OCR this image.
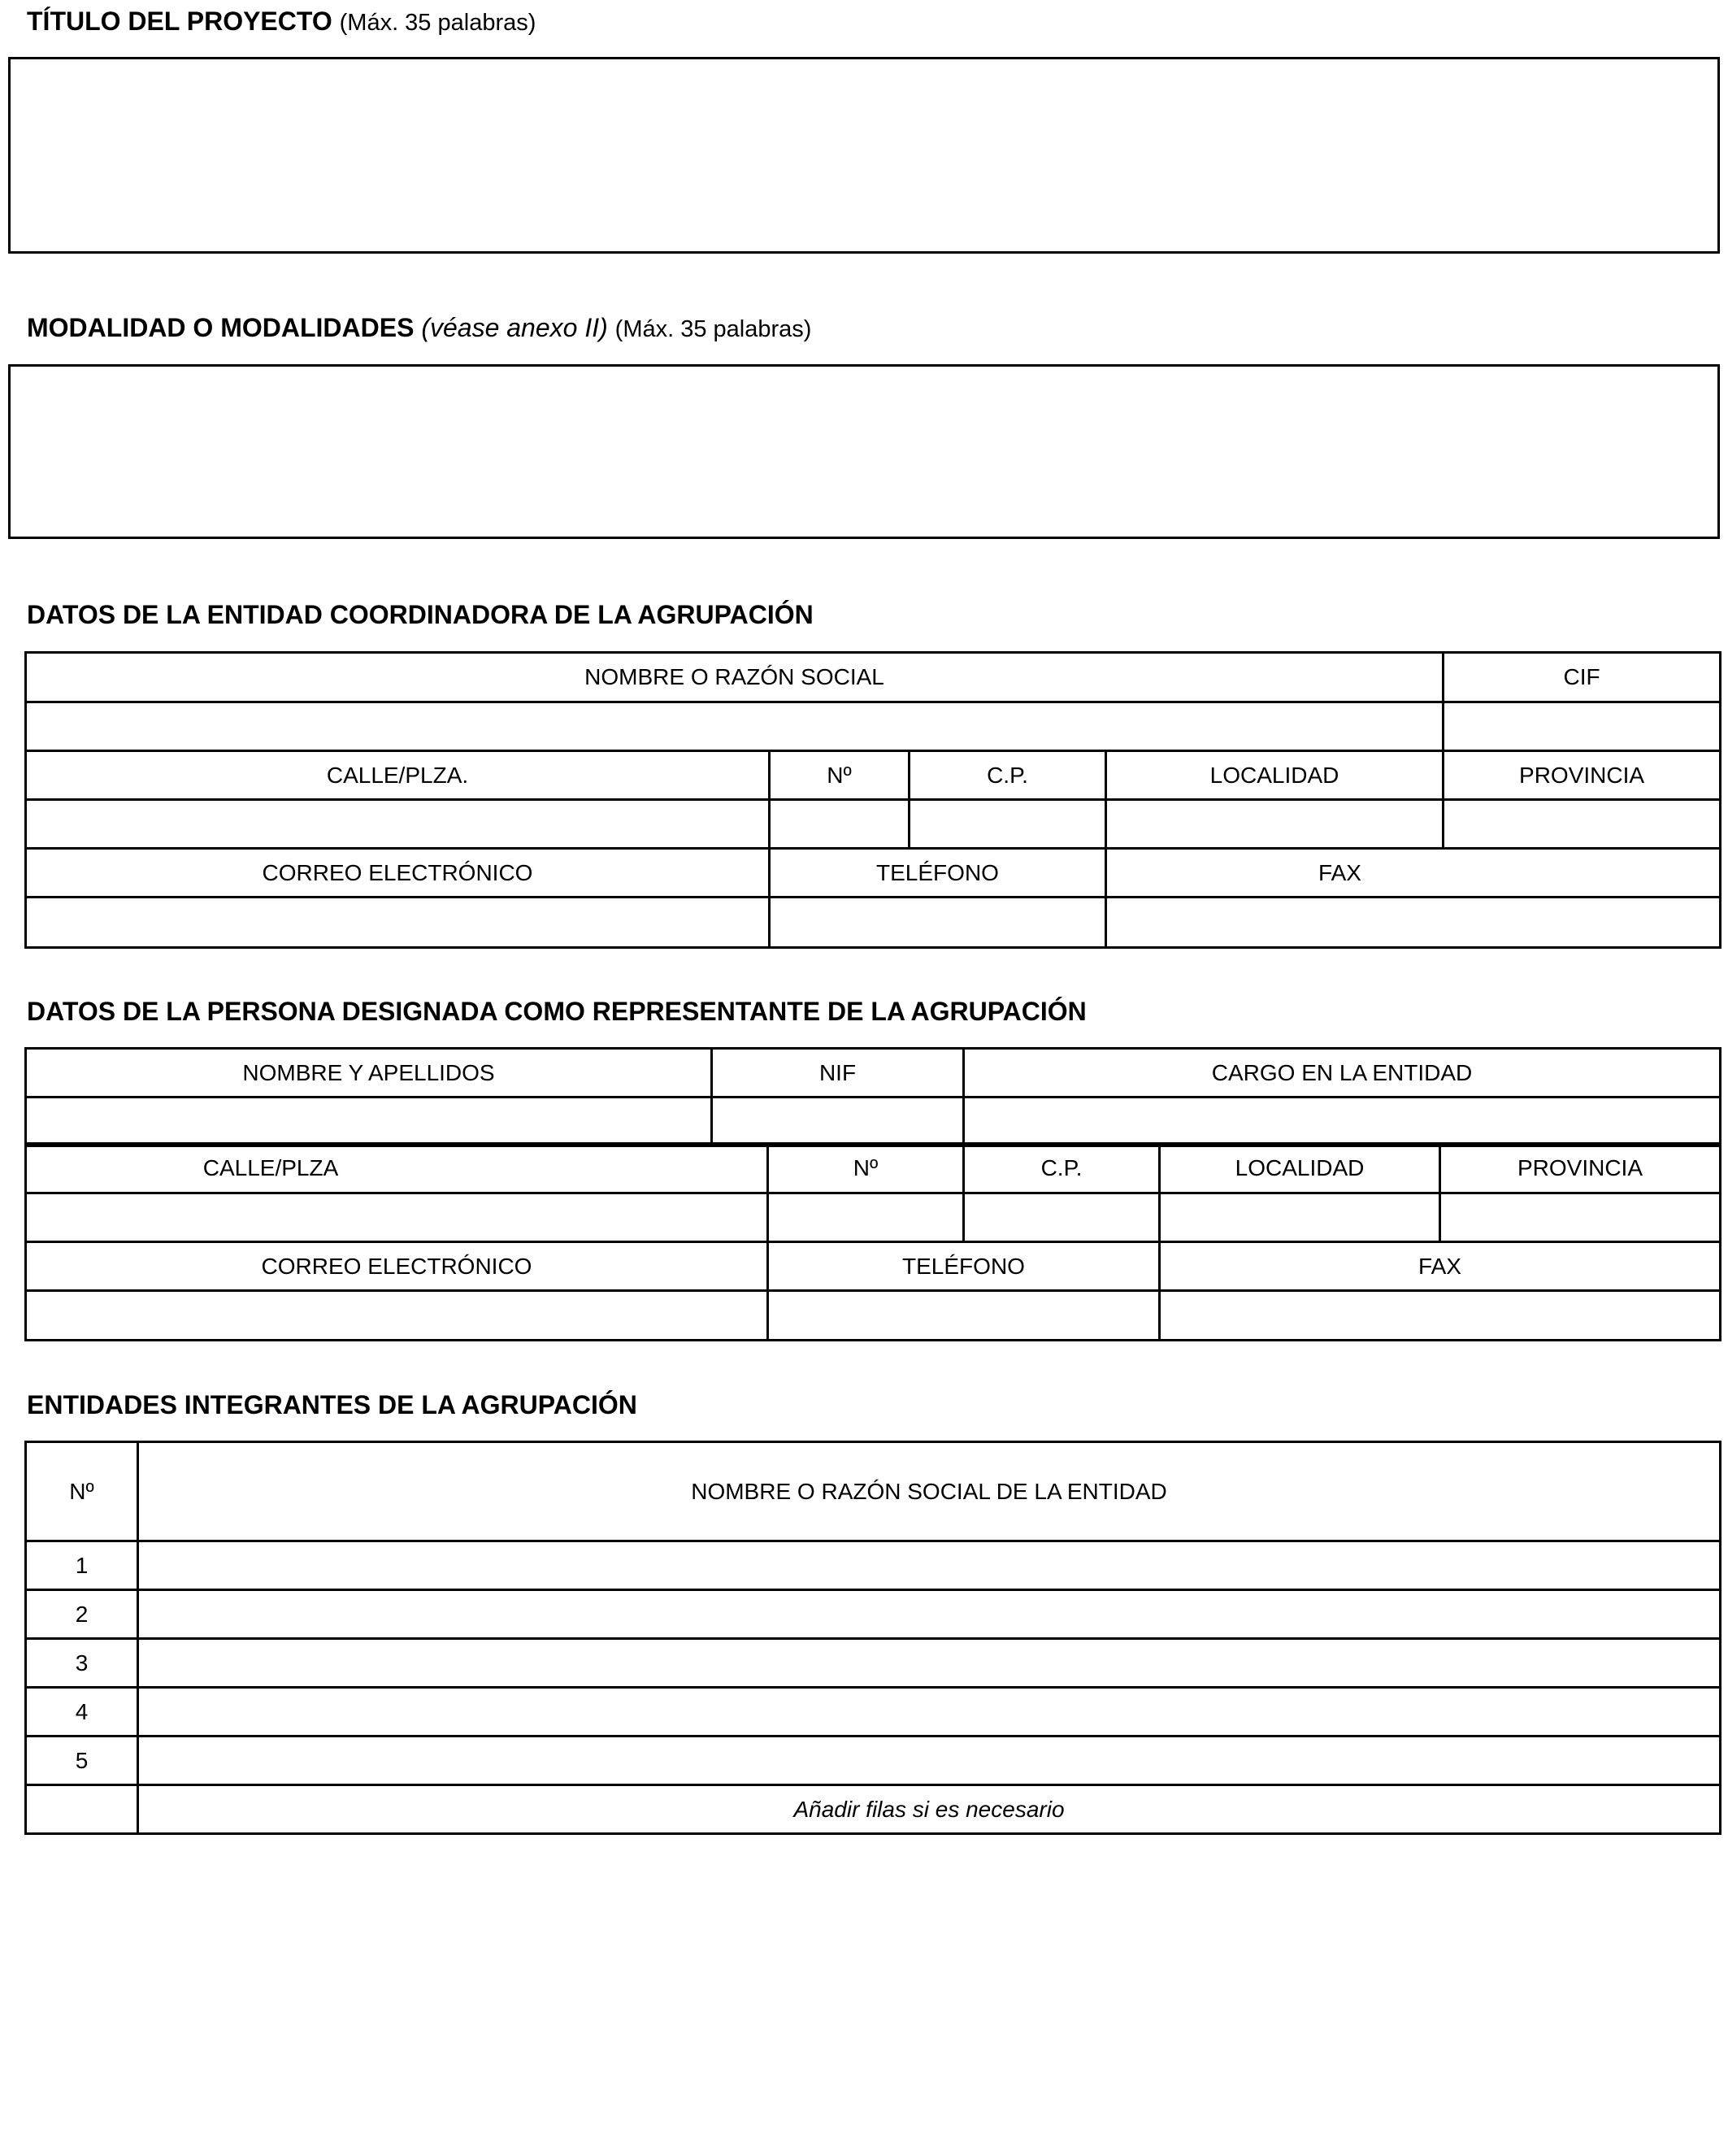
TÍTULO DEL PROYECTO (Máx. 35 palabras)
MODALIDAD O MODALIDADES (véase anexo II) (Máx. 35 palabras)
DATOS DE LA ENTIDAD COORDINADORA DE LA AGRUPACIÓN
NOMBRE O RAZÓN SOCIAL				CIF

CALLE/PLZA.	Nº	C.P.	LOCALIDAD	PROVINCIA

CORREO ELECTRÓNICO	TELÉFONO		FAX	

DATOS DE LA PERSONA DESIGNADA COMO REPRESENTANTE DE LA AGRUPACIÓN
NOMBRE Y APELLIDOS	NIF	CARGO EN LA ENTIDAD

CALLE/PLZA	Nº	C.P.	LOCALIDAD	PROVINCIA

CORREO ELECTRÓNICO	TELÉFONO		FAX	

ENTIDADES INTEGRANTES DE LA AGRUPACIÓN
Nº	NOMBRE O RAZÓN SOCIAL DE LA ENTIDAD
1	
2	
3	
4	
5	
	Añadir filas si es necesario
